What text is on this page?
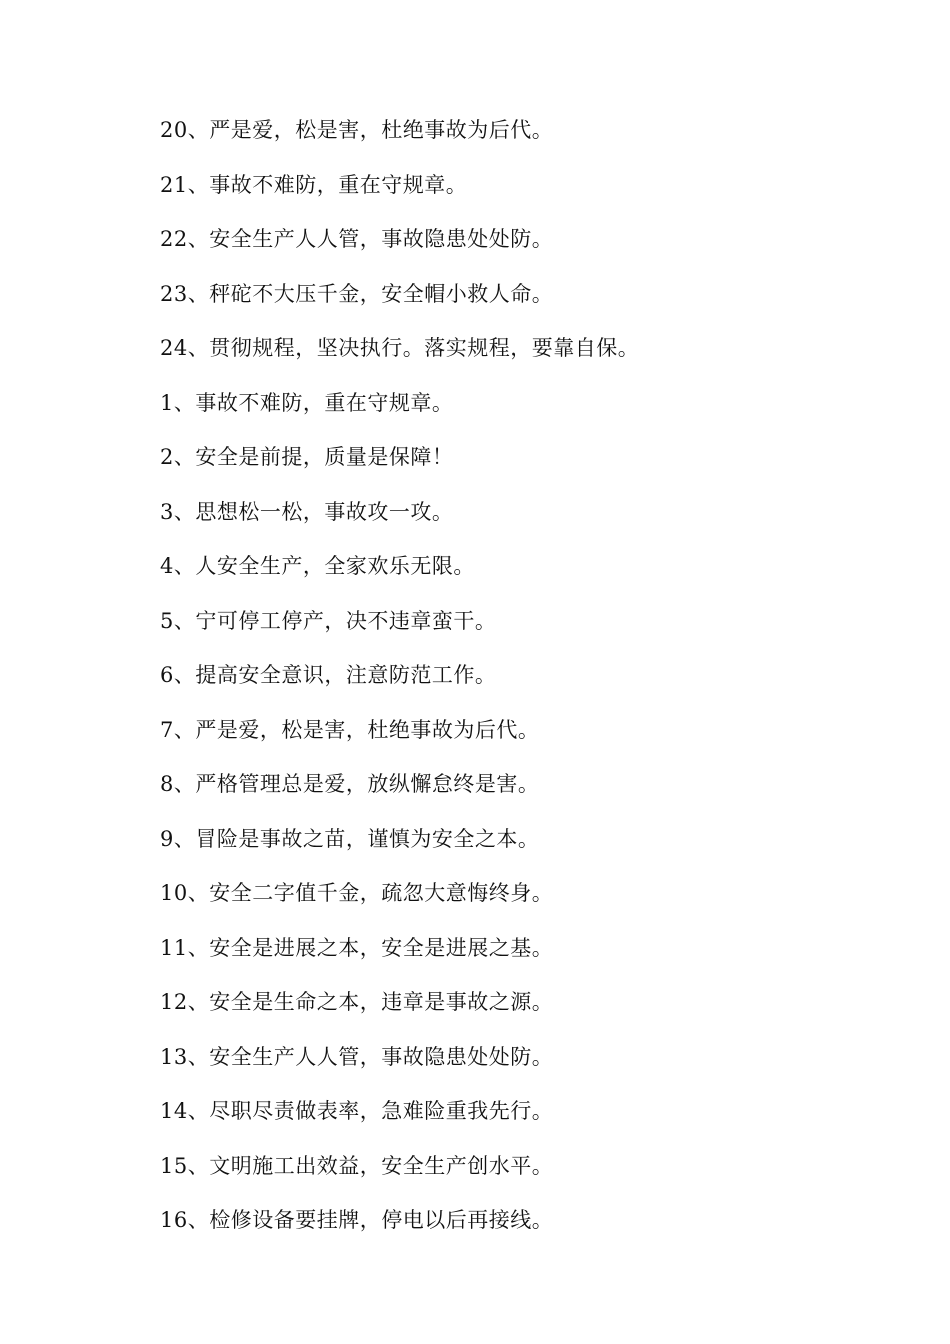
20、严是爱，松是害，杜绝事故为后代。
21、事故不难防，重在守规章。
22、安全生产人人管，事故隐患处处防。
23、秤砣不大压千金，安全帽小救人命。
24、贯彻规程，坚决执行。落实规程，要靠自保。
1、事故不难防，重在守规章。
2、安全是前提，质量是保障！
3、思想松一松，事故攻一攻。
4、人安全生产，全家欢乐无限。
5、宁可停工停产，决不违章蛮干。
6、提高安全意识，注意防范工作。
7、严是爱，松是害，杜绝事故为后代。
8、严格管理总是爱，放纵懈怠终是害。
9、冒险是事故之苗，谨慎为安全之本。
10、安全二字值千金，疏忽大意悔终身。
11、安全是进展之本，安全是进展之基。
12、安全是生命之本，违章是事故之源。
13、安全生产人人管，事故隐患处处防。
14、尽职尽责做表率，急难险重我先行。
15、文明施工出效益，安全生产创水平。
16、检修设备要挂牌，停电以后再接线。
